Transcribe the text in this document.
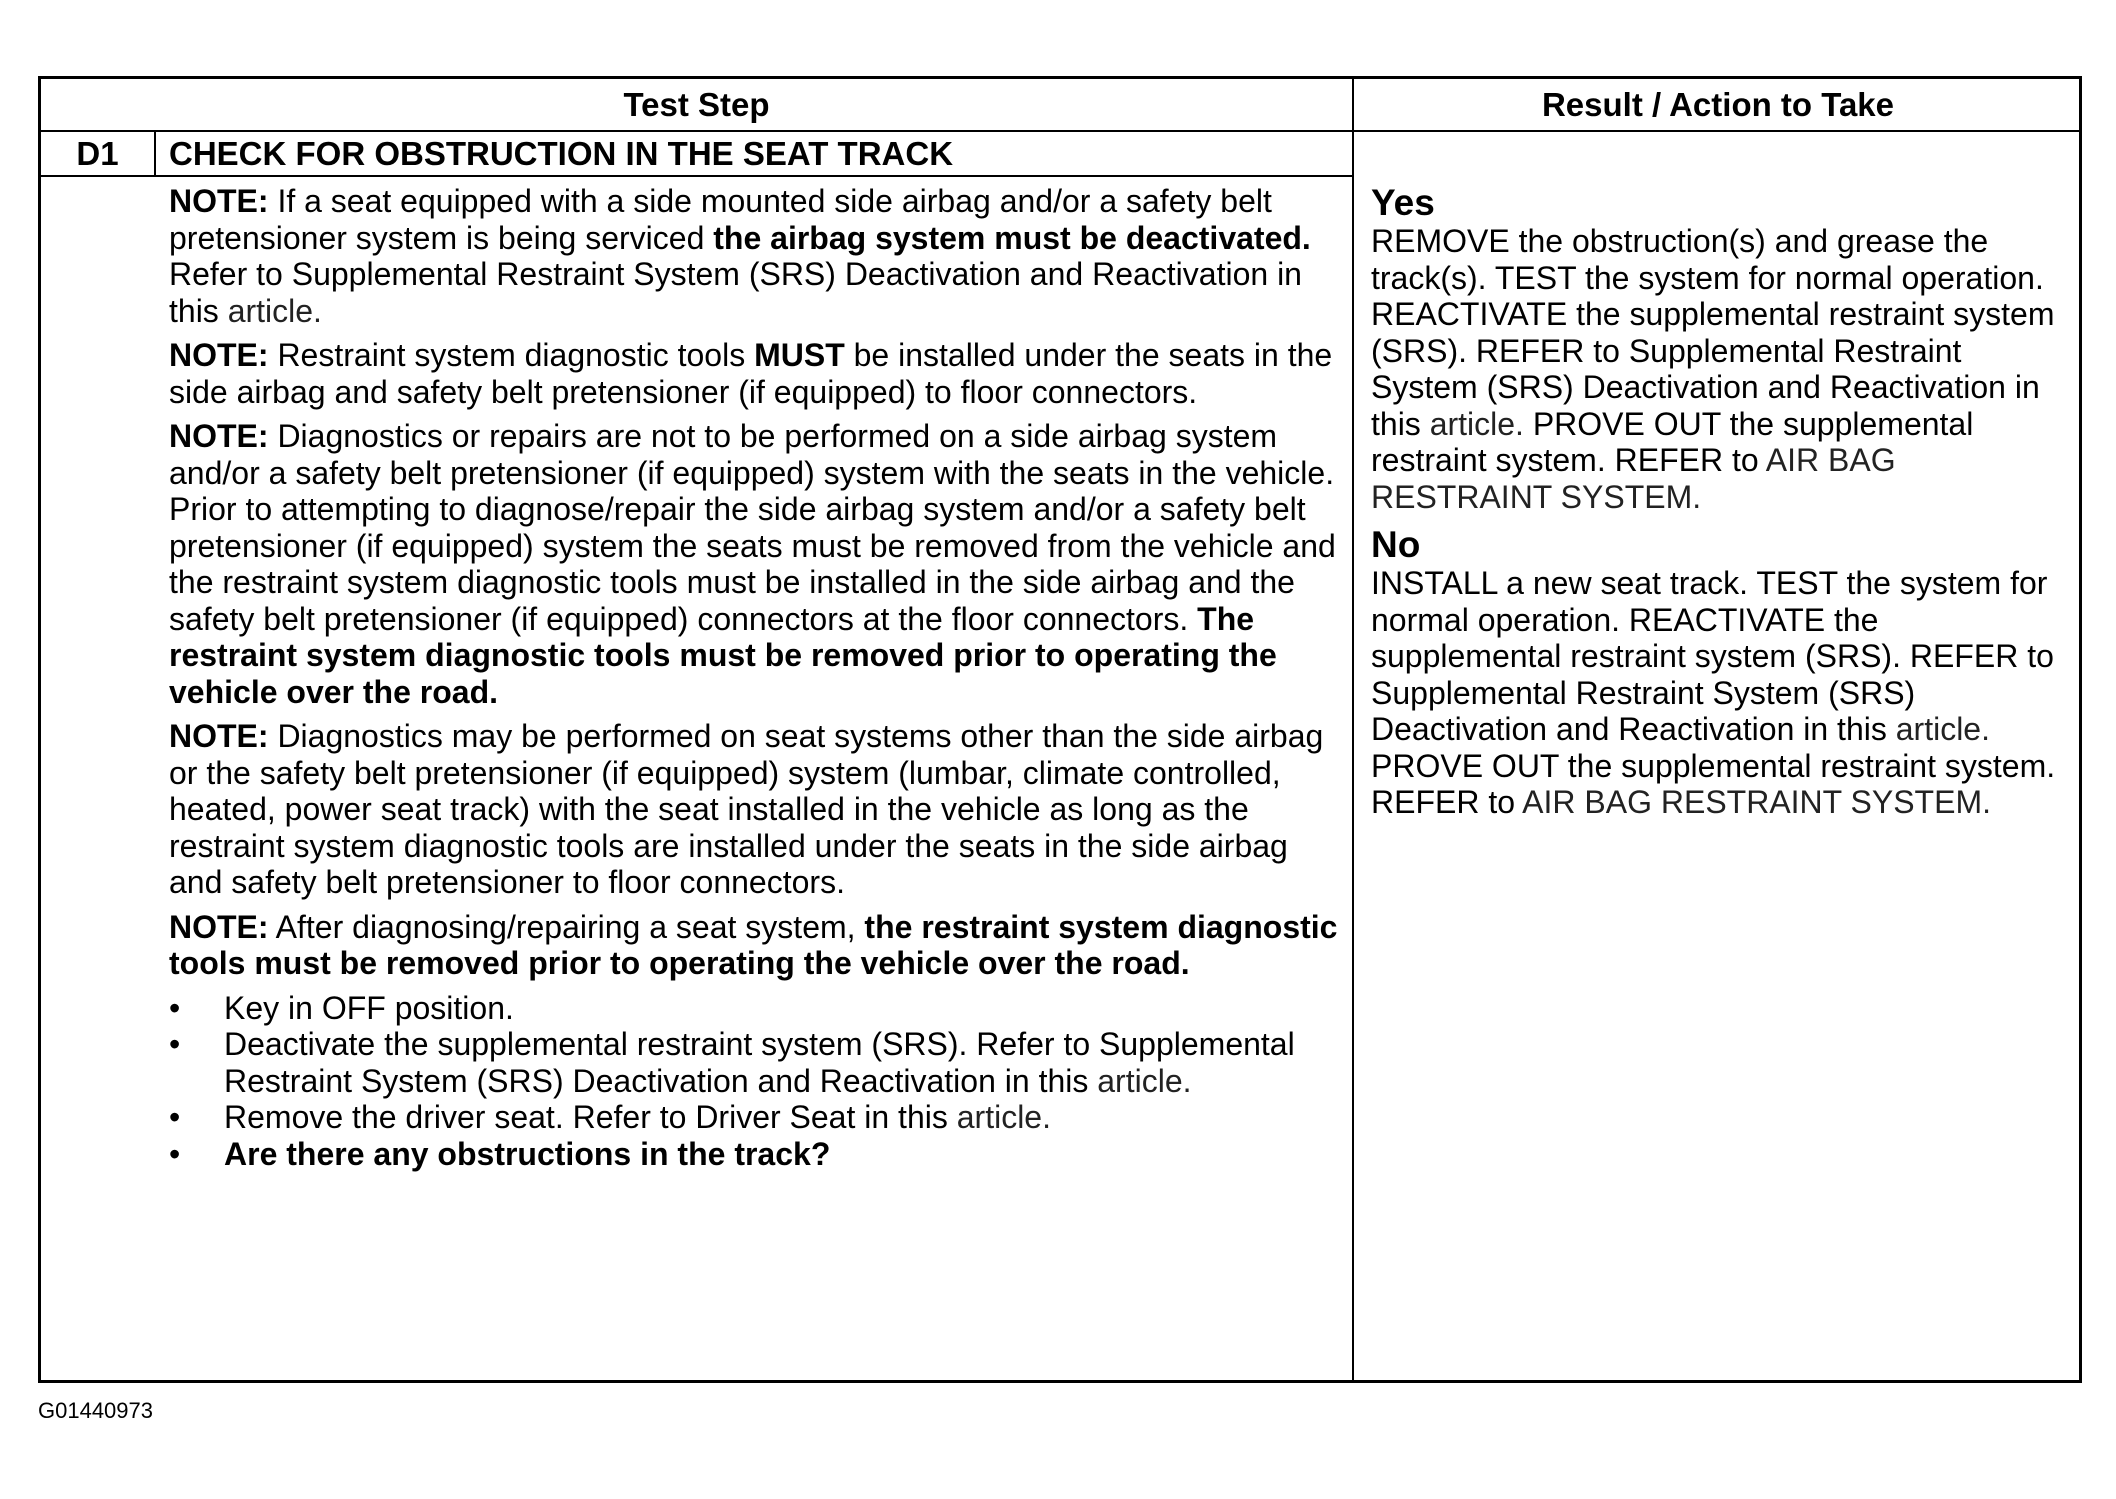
Test Step	Result / Action to Take
D1	CHECK FOR OBSTRUCTION IN THE SEAT TRACK

NOTE: If a seat equipped with a side mounted side airbag and/or a safety belt pretensioner system is being serviced the airbag system must be deactivated. Refer to Supplemental Restraint System (SRS) Deactivation and Reactivation in this article.

NOTE: Restraint system diagnostic tools MUST be installed under the seats in the side airbag and safety belt pretensioner (if equipped) to floor connectors.

NOTE: Diagnostics or repairs are not to be performed on a side airbag system and/or a safety belt pretensioner (if equipped) system with the seats in the vehicle. Prior to attempting to diagnose/repair the side airbag system and/or a safety belt pretensioner (if equipped) system the seats must be removed from the vehicle and the restraint system diagnostic tools must be installed in the side airbag and the safety belt pretensioner (if equipped) connectors at the floor connectors. The restraint system diagnostic tools must be removed prior to operating the vehicle over the road.

NOTE: Diagnostics may be performed on seat systems other than the side airbag or the safety belt pretensioner (if equipped) system (lumbar, climate controlled, heated, power seat track) with the seat installed in the vehicle as long as the restraint system diagnostic tools are installed under the seats in the side airbag and safety belt pretensioner to floor connectors.

NOTE: After diagnosing/repairing a seat system, the restraint system diagnostic tools must be removed prior to operating the vehicle over the road.

• Key in OFF position.
• Deactivate the supplemental restraint system (SRS). Refer to Supplemental Restraint System (SRS) Deactivation and Reactivation in this article.
• Remove the driver seat. Refer to Driver Seat in this article.
• Are there any obstructions in the track?
Yes
REMOVE the obstruction(s) and grease the track(s). TEST the system for normal operation. REACTIVATE the supplemental restraint system (SRS). REFER to Supplemental Restraint System (SRS) Deactivation and Reactivation in this article. PROVE OUT the supplemental restraint system. REFER to AIR BAG RESTRAINT SYSTEM.
No
INSTALL a new seat track. TEST the system for normal operation. REACTIVATE the supplemental restraint system (SRS). REFER to Supplemental Restraint System (SRS) Deactivation and Reactivation in this article. PROVE OUT the supplemental restraint system. REFER to AIR BAG RESTRAINT SYSTEM.
G01440973
